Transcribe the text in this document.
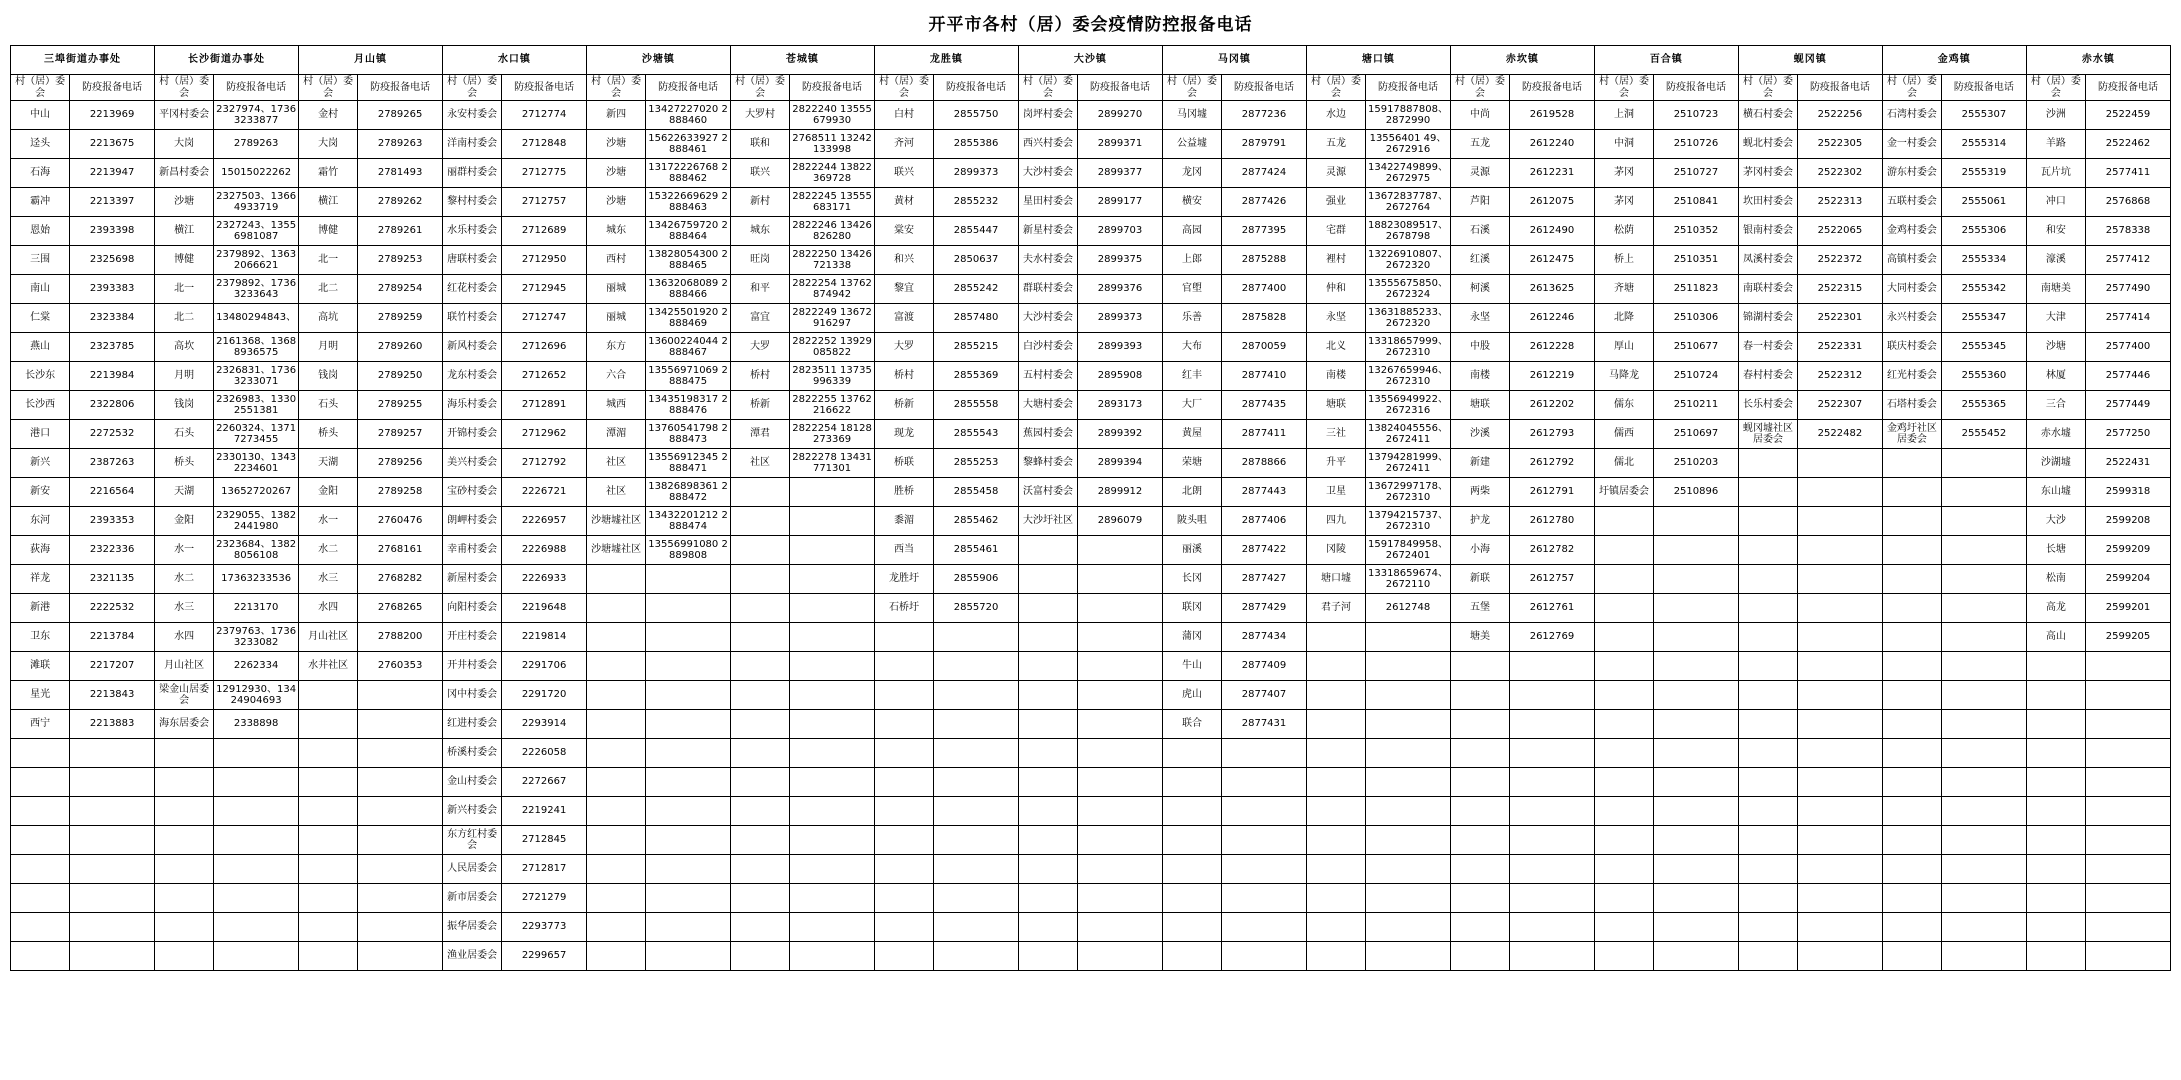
开平市各村（居）委会疫情防控报备电话
三埠街道办事处		长沙街道办事处		月山镇		水口镇		沙塘镇		苍城镇		龙胜镇		大沙镇		马冈镇		塘口镇		赤坎镇		百合镇		蚬冈镇		金鸡镇		赤水镇	
村（居）委会	防疫报备电话	村（居）委会	防疫报备电话	村（居）委会	防疫报备电话	村（居）委会	防疫报备电话	村（居）委会	防疫报备电话	村（居）委会	防疫报备电话	村（居）委会	防疫报备电话	村（居）委会	防疫报备电话	村（居）委会	防疫报备电话	村（居）委会	防疫报备电话	村（居）委会	防疫报备电话	村（居）委会	防疫报备电话	村（居）委会	防疫报备电话	村（居）委会	防疫报备电话	村（居）委会	防疫报备电话
中山	2213969	平冈村委会	2327974、17363233877	金村	2789265	永安村委会	2712774	新四	13427227020 2888460	大罗村	2822240 13555679930	白村	2855750	岗坪村委会	2899270	马冈墟	2877236	水边	15917887808、2872990	中尚	2619528	上洞	2510723	横石村委会	2522256	石湾村委会	2555307	沙洲	2522459
迳头	2213675	大岗	2789263	大岗	2789263	洋南村委会	2712848	沙塘	15622633927 2888461	联和	2768511 13242133998	齐河	2855386	西兴村委会	2899371	公益墟	2879791	五龙	13556401 49、2672916	五龙	2612240	中洞	2510726	蚬北村委会	2522305	金一村委会	2555314	羊路	2522462
石海	2213947	新昌村委会	15015022262	霜竹	2781493	丽群村委会	2712775	沙塘	13172226768 2888462	联兴	2822244 13822369728	联兴	2899373	大沙村委会	2899377	龙冈	2877424	灵源	13422749899、2672975	灵源	2612231	茅冈	2510727	茅冈村委会	2522302	游东村委会	2555319	瓦片坑	2577411
霸冲	2213397	沙塘	2327503、13664933719	横江	2789262	黎村村委会	2712757	沙塘	15322669629 2888463	新村	2822245 13555683171	黄材	2855232	星田村委会	2899177	横安	2877426	强业	13672837787、2672764	芦阳	2612075	茅冈	2510841	坎田村委会	2522313	五联村委会	2555061	冲口	2576868
恩始	2393398	横江	2327243、13556981087	博健	2789261	水乐村委会	2712689	城东	13426759720 2888464	城东	2822246 13426826280	棠安	2855447	新星村委会	2899703	高园	2877395	宅群	18823089517、2678798	石溪	2612490	松荫	2510352	银南村委会	2522065	金鸡村委会	2555306	和安	2578338
三围	2325698	博健	2379892、13632066621	北一	2789253	唐联村委会	2712950	西村	13828054300 2888465	旺岗	2822250 13426721338	和兴	2850637	夫水村委会	2899375	上郎	2875288	裡村	13226910807、2672320	红溪	2612475	桥上	2510351	凤溪村委会	2522372	高镇村委会	2555334	濠溪	2577412
南山	2393383	北一	2379892、17363233643	北二	2789254	红花村委会	2712945	丽城	13632068089 2888466	和平	2822254 13762874942	黎宜	2855242	群联村委会	2899376	官塱	2877400	仲和	13555675850、2672324	柯溪	2613625	齐塘	2511823	南联村委会	2522315	大同村委会	2555342	南塘美	2577490
仁棠	2323384	北二	13480294843、	高坑	2789259	联竹村委会	2712747	丽城	13425501920 2888469	富宜	2822249 13672916297	富渡	2857480	大沙村委会	2899373	乐善	2875828	永坚	13631885233、2672320	永坚	2612246	北降	2510306	锦湖村委会	2522301	永兴村委会	2555347	大津	2577414
燕山	2323785	高坎	2161368、13688936575	月明	2789260	新风村委会	2712696	东方	13600224044 2888467	大罗	2822252 13929085822	大罗	2855215	白沙村委会	2899393	大布	2870059	北义	13318657999、2672310	中股	2612228	厚山	2510677	春一村委会	2522331	联庆村委会	2555345	沙塘	2577400
长沙东	2213984	月明	2326831、17363233071	钱岗	2789250	龙东村委会	2712652	六合	13556971069 2888475	桥村	2823511 13735996339	桥村	2855369	五村村委会	2895908	红丰	2877410	南楼	13267659946、2672310	南楼	2612219	马降龙	2510724	春村村委会	2522312	红光村委会	2555360	林厦	2577446
长沙西	2322806	钱岗	2326983、13302551381	石头	2789255	海乐村委会	2712891	城西	13435198317 2888476	桥新	2822255 13762216622	桥新	2855558	大塘村委会	2893173	大厂	2877435	塘联	13556949922、2672316	塘联	2612202	儒东	2510211	长乐村委会	2522307	石塔村委会	2555365	三合	2577449
港口	2272532	石头	2260324、13717273455	桥头	2789257	开锦村委会	2712962	潭湄	13760541798 2888473	潭君	2822254 18128273369	现龙	2855543	蕉园村委会	2899392	黄屋	2877411	三社	13824045556、2672411	沙溪	2612793	儒西	2510697	蚬冈墟社区居委会	2522482	金鸡圩社区居委会	2555452	赤水墟	2577250
新兴	2387263	桥头	2330130、13432234601	天湖	2789256	美兴村委会	2712792	社区	13556912345 2888471	社区	2822278 13431771301	桥联	2855253	黎蜂村委会	2899394	荣塘	2878866	升平	13794281999、2672411	新建	2612792	儒北	2510203					沙湖墟	2522431
新安	2216564	天湖	13652720267	金阳	2789258	宝砂村委会	2226721	社区	13826898361 2888472			胜桥	2855458	沃富村委会	2899912	北朗	2877443	卫星	13672997178、2672310	两柴	2612791	圩镇居委会	2510896					东山墟	2599318
东河	2393353	金阳	2329055、13822441980	水一	2760476	朗岬村委会	2226957	沙塘墟社区	13432201212 2888474			黍湄	2855462	大沙圩社区	2896079	陂头咀	2877406	四九	13794215737、2672310	护龙	2612780							大沙	2599208
荻海	2322336	水一	2323684、13828056108	水二	2768161	幸甫村委会	2226988	沙塘墟社区	13556991080 2889808			西当	2855461			丽溪	2877422	冈陵	15917849958、2672401	小海	2612782							长塘	2599209
祥龙	2321135	水二	17363233536	水三	2768282	新屋村委会	2226933					龙胜圩	2855906			长冈	2877427	塘口墟	13318659674、2672110	新联	2612757							松南	2599204
新港	2222532	水三	2213170	水四	2768265	向阳村委会	2219648					石桥圩	2855720			联冈	2877429	君子河	2612748	五堡	2612761							高龙	2599201
卫东	2213784	水四	2379763、17363233082	月山社区	2788200	开庄村委会	2219814									蒲冈	2877434			塘美	2612769							高山	2599205
滩联	2217207	月山社区	2262334	水井社区	2760353	开井村委会	2291706									牛山	2877409												
星光	2213843	梁金山居委会	12912930、13424904693			冈中村委会	2291720									虎山	2877407												
西宁	2213883	海东居委会	2338898			红进村委会	2293914									联合	2877431												
						桥溪村委会	2226058																						
						金山村委会	2272667																						
						新兴村委会	2219241																						
						东方红村委会	2712845																						
						人民居委会	2712817																						
						新市居委会	2721279																						
						振华居委会	2293773																						
						渔业居委会	2299657																						
